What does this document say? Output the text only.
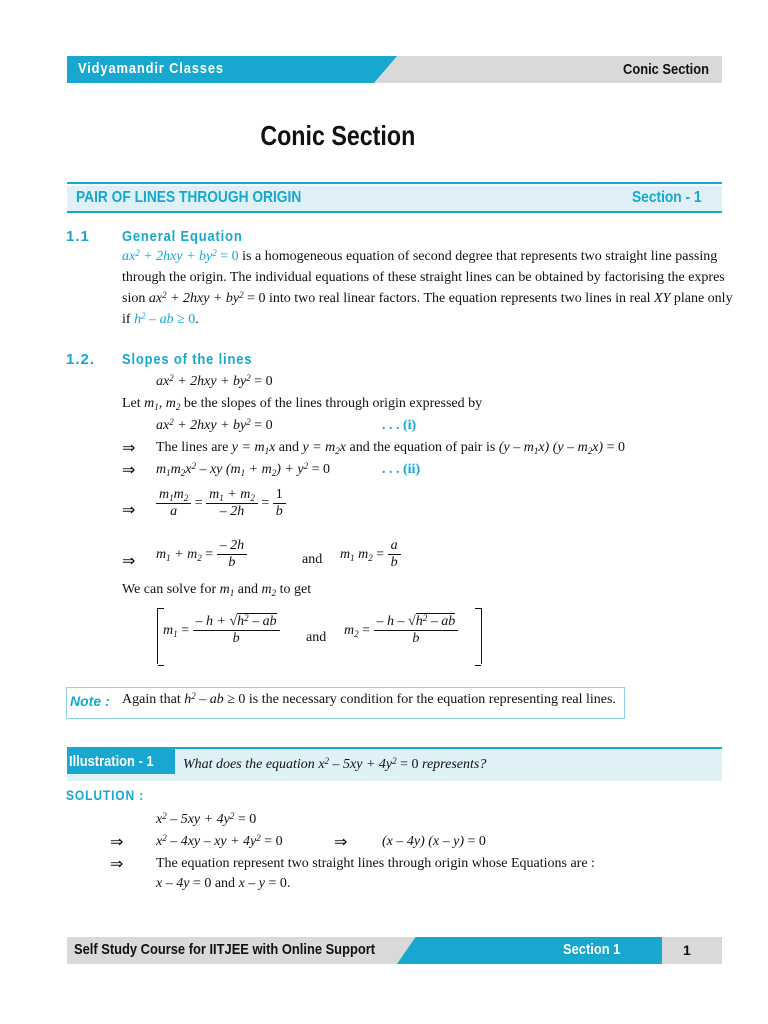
Vidyamandir Classes	Conic Section
Conic Section
PAIR OF LINES THROUGH ORIGIN	Section - 1
1.1 General Equation
$ax^2 + 2hxy + by^2 = 0$ is a homogeneous equation of second degree that represents two straight line passing
through the origin. The individual equations of these straight lines can be obtained by factorising the expres
sion $ax^2 + 2hxy + by^2 = 0$ into two real linear factors. The equation represents two lines in real XY plane only
if $h^2$ – ab ≥ 0.
1.2. Slopes of the lines
$ax^2 + 2hxy + by^2 = 0$
Let $m_1$, $m_2$ be the slopes of the lines through origin expressed by
$ax^2 + 2hxy + by^2 = 0$	. . . (i)
⇒ The lines are $y = m_1x$ and $y = m_2x$ and the equation of pair is $(y - m_1x)$ $(y - m_2x) = 0$
⇒ $m_1m_2x^2$ – xy $(m_1 + m_2) + y^2 = 0$	. . . (ii)
⇒ $\frac{m_1m_2}{a} = \frac{m_1 + m_2}{- 2h} = \frac{1}{b}$
⇒ $m_1 + m_2 = \frac{- 2h}{b}$	and $m_1$ $m_2 = \frac{a}{b}$
We can solve for $m_1$ and $m_2$ to get
$m_1 = \frac{- h + √h^2 - ab}{b}$ and $m_2 = \frac{- h - √h^2 - ab}{b}$
Note : Again that $h^2$ – ab ≥ 0 is the necessary condition for the equation representing real lines.
Illustration - 1 What does the equation $x^2 - 5xy + 4y^2 = 0$ represents?
SOLUTION :
$x^2 - 5xy + 4y^2 = 0$
⇒ $x^2 - 4xy$ – xy + $4y^2 = 0$	⇒ (x – 4y) (x – y) = 0
⇒ The equation represent two straight lines through origin whose Equations are :
x – 4y = 0 and x – y = 0.
Self Study Course for IITJEE with Online Support	Section 1	1
